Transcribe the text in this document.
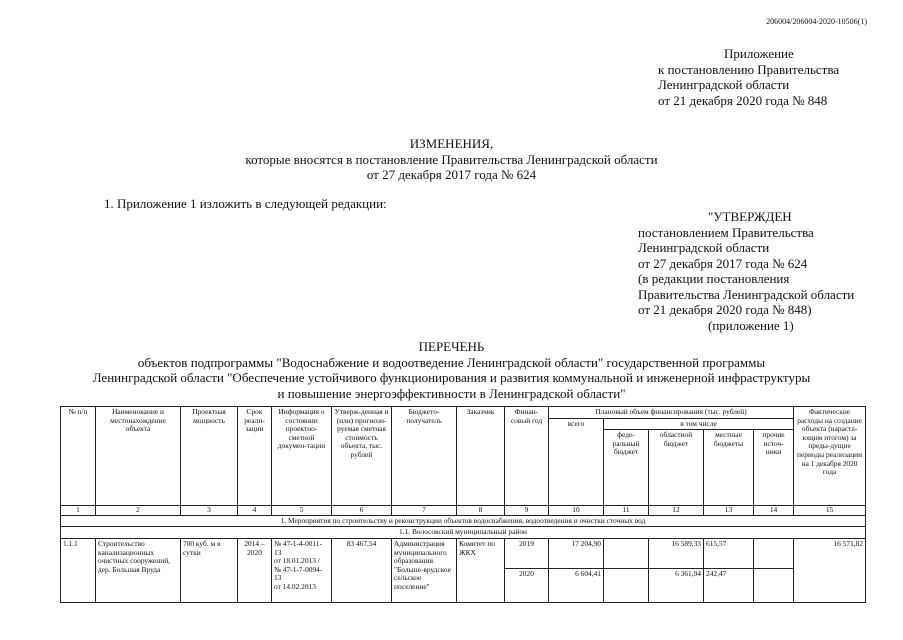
206004/206004-2020-10506(1)
Приложение
к постановлению Правительства
Ленинградской области
от 21 декабря 2020 года № 848
ИЗМЕНЕНИЯ,
которые вносятся в постановление Правительства Ленинградской области
от 27 декабря 2017 года № 624
1. Приложение 1 изложить в следующей редакции:
"УТВЕРЖДЕН
постановлением Правительства
Ленинградской области
от 27 декабря 2017 года № 624
(в редакции постановления
Правительства Ленинградской области
от 21 декабря 2020 года № 848)
(приложение 1)
ПЕРЕЧЕНЬ
объектов подпрограммы "Водоснабжение и водоотведение Ленинградской области" государственной программы
Ленинградской области "Обеспечение устойчивого функционирования и развития коммунальной и инженерной инфраструктуры
и повышение энергоэффективности в Ленинградской области"
№ п/п	Наименование и местонахождение объекта	Проектная мощность	Срок реали-зации	Информация о состоянии проектно-сметной докумен-тации	Утверж-денная и (или) прогнози-руемая сметная стоимость объекта, тыс. рублей	Бюджето-получатель	Заказчик	Финан-совый год	Плановый объем финансирования (тыс. рублей)					Фактические расходы на создание объекта (нараста-ющим итогом) за преды-дущие периоды реализации на 1 декабря 2020 года
									всего	в том числе				
										феде-ральный бюджет	областной бюджет	местные бюджеты	прочие источ-ники	
1	2	3	4	5	6	7	8	9	10	11	12	13	14	15
1. Мероприятия по строительству и реконструкции объектов водоснабжения, водоотведения и очистки сточных вод														
1.1. Волосовский муниципальный район														
1.1.1	Строительство канализационных очистных сооружений, дер. Большая Вруда	700 куб. м в сутки	2014 – 2020	№ 47-1-4-0011-13
от 18.01.2013 /
№ 47-1-7-0094-13
от 14.02.2013	83 467,54	Администрация муниципального образования "Больше-врудское сельское поселение"	Комитет по ЖКХ	2019	17 204,90		16 589,33	615,57		16 571,82
								2020	6 604,41		6 361,94	242,47		
